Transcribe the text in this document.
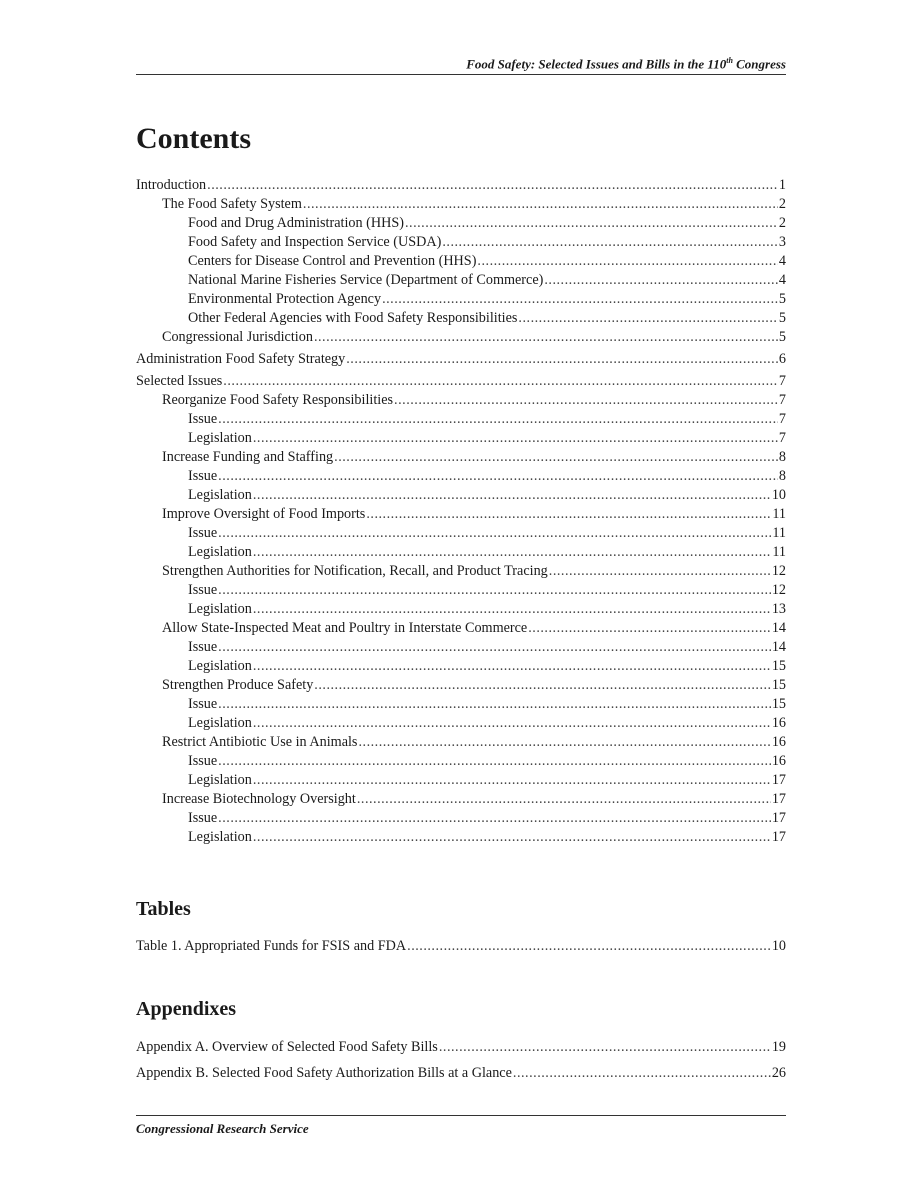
Food Safety: Selected Issues and Bills in the 110th Congress
Contents
Introduction .....	1
The Food Safety System .....	2
Food and Drug Administration (HHS) .....	2
Food Safety and Inspection Service (USDA) .....	3
Centers for Disease Control and Prevention (HHS) .....	4
National Marine Fisheries Service (Department of Commerce) .....	4
Environmental Protection Agency .....	5
Other Federal Agencies with Food Safety Responsibilities .....	5
Congressional Jurisdiction .....	5
Administration Food Safety Strategy .....	6
Selected Issues .....	7
Reorganize Food Safety Responsibilities .....	7
Issue .....	7
Legislation .....	7
Increase Funding and Staffing .....	8
Issue .....	8
Legislation .....	10
Improve Oversight of Food Imports .....	11
Issue .....	11
Legislation .....	11
Strengthen Authorities for Notification, Recall, and Product Tracing .....	12
Issue .....	12
Legislation .....	13
Allow State-Inspected Meat and Poultry in Interstate Commerce .....	14
Issue .....	14
Legislation .....	15
Strengthen Produce Safety .....	15
Issue .....	15
Legislation .....	16
Restrict Antibiotic Use in Animals .....	16
Issue .....	16
Legislation .....	17
Increase Biotechnology Oversight .....	17
Issue .....	17
Legislation .....	17
Tables
Table 1. Appropriated Funds for FSIS and FDA .....	10
Appendixes
Appendix A. Overview of Selected Food Safety Bills .....	19
Appendix B. Selected Food Safety Authorization Bills at a Glance .....	26
Congressional Research Service
